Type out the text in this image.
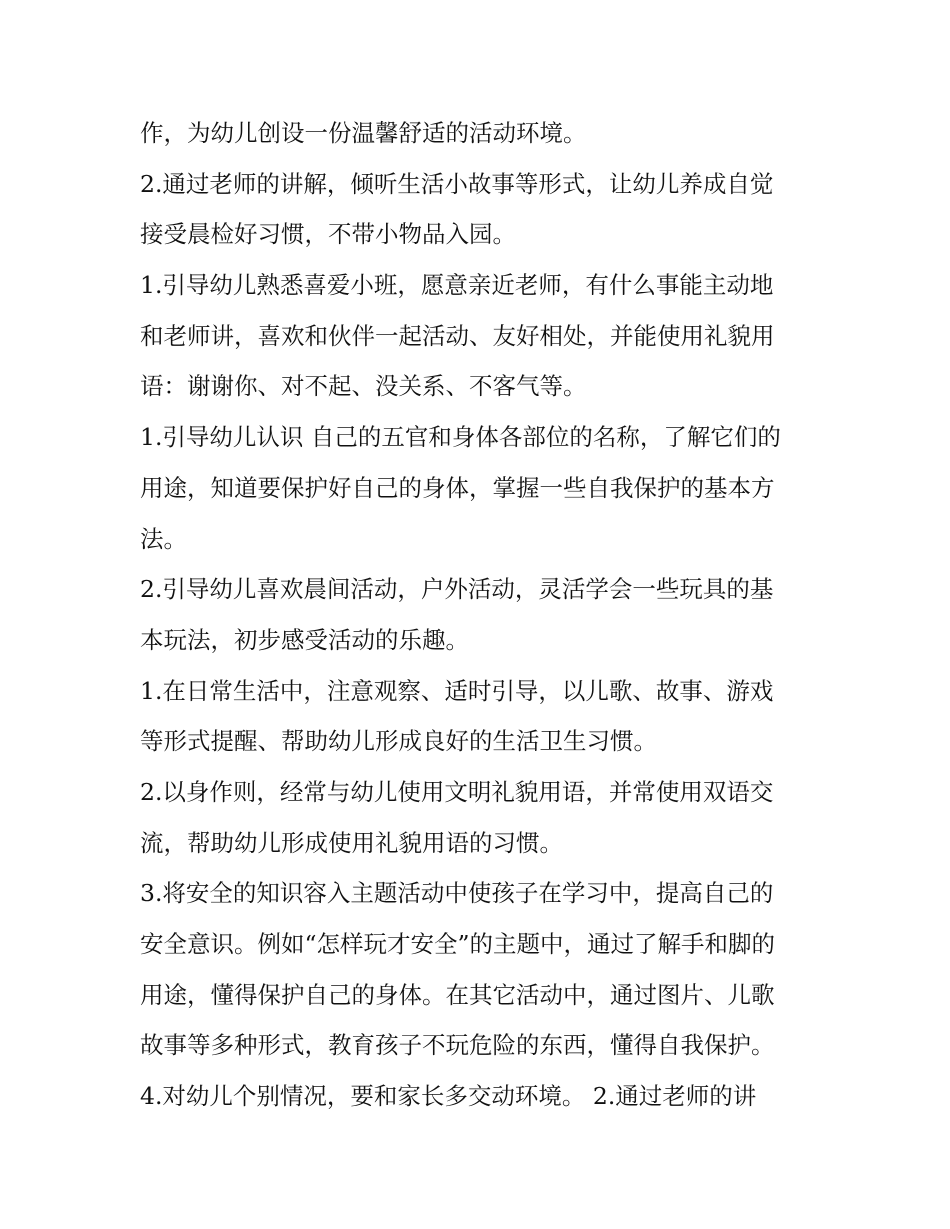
作，为幼儿创设一份温馨舒适的活动环境。
2.通过老师的讲解，倾听生活小故事等形式，让幼儿养成自觉
接受晨检好习惯，不带小物品入园。
1.引导幼儿熟悉喜爱小班，愿意亲近老师，有什么事能主动地
和老师讲，喜欢和伙伴一起活动、友好相处，并能使用礼貌用
语：谢谢你、对不起、没关系、不客气等。
1.引导幼儿认识 自己的五官和身体各部位的名称，了解它们的
用途，知道要保护好自己的身体，掌握一些自我保护的基本方
法。
2.引导幼儿喜欢晨间活动，户外活动，灵活学会一些玩具的基
本玩法，初步感受活动的乐趣。
1.在日常生活中，注意观察、适时引导，以儿歌、故事、游戏
等形式提醒、帮助幼儿形成良好的生活卫生习惯。
2.以身作则，经常与幼儿使用文明礼貌用语，并常使用双语交
流，帮助幼儿形成使用礼貌用语的习惯。
3.将安全的知识容入主题活动中使孩子在学习中，提高自己的
安全意识。例如“怎样玩才安全”的主题中，通过了解手和脚的
用途，懂得保护自己的身体。在其它活动中，通过图片、儿歌
故事等多种形式，教育孩子不玩危险的东西，懂得自我保护。
4.对幼儿个别情况，要和家长多交动环境。 2.通过老师的讲
